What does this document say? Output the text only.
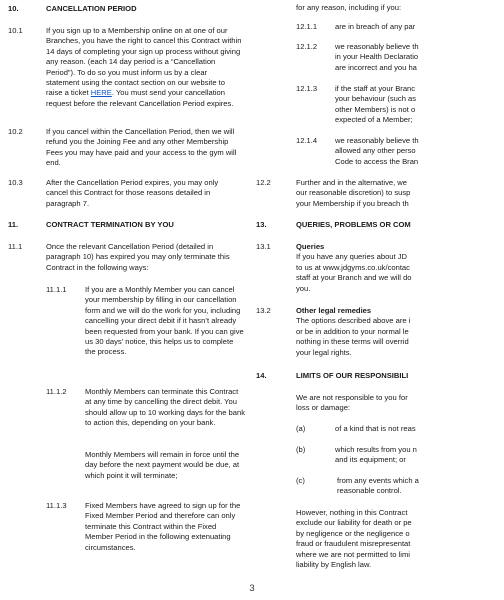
10.	CANCELLATION PERIOD
10.1	If you sign up to a Membership online on at one of our Branches, you have the right to cancel this Contract within 14 days of completing your sign up process without giving any reason. (each 14 day period is a “Cancellation Period”). To do so you must inform us by a clear statement using the contact section on our website to raise a ticket HERE. You must send your cancellation request before the relevant Cancellation Period expires.
10.2	If you cancel within the Cancellation Period, then we will refund you the Joining Fee and any other Membership Fees you may have paid and your access to the gym will end.
10.3	After the Cancellation Period expires, you may only cancel this Contract for those reasons detailed in paragraph 7.
11.	CONTRACT TERMINATION BY YOU
11.1	Once the relevant Cancellation Period (detailed in paragraph 10) has expired you may only terminate this Contract in the following ways:
11.1.1 If you are a Monthly Member you can cancel your membership by filling in our cancellation form and we will do the work for you, including cancelling your direct debit if it hasn’t already been requested from your bank. If you can give us 30 days’ notice, this helps us to complete the process.
11.1.2 Monthly Members can terminate this Contract at any time by cancelling the direct debit. You should allow up to 10 working days for the bank to action this, depending on your bank.
Monthly Members will remain in force until the day before the next payment would be due, at which point it will terminate;
11.1.3 Fixed Members have agreed to sign up for the Fixed Member Period and therefore can only terminate this Contract within the Fixed Member Period in the following extenuating circumstances.
for any reason, including if you:
12.1.1 are in breach of any par
12.1.2 we reasonably believe th
in your Health Declaratio
are incorrect and you ha
12.1.3 if the staff at your Branc
your behaviour (such as
other Members) is not o
expected of a Member;
12.1.4 we reasonably believe th
allowed any other perso
Code to access the Bran
12.2	Further and in the alternative, we
our reasonable discretion) to susp
your Membership if you breach th
13.	QUERIES, PROBLEMS OR COM
13.1	Queries
If you have any queries about JD
to us at www.jdgyms.co.uk/contac
staff at your Branch and we will do
you.
13.2	Other legal remedies
The options described above are i
or be in addition to your normal le
nothing in these terms will overrid
your legal rights.
14.	LIMITS OF OUR RESPONSIBILI
We are not responsible to you for
loss or damage:
(a)	of a kind that is not reas
(b)	which results from you n
and its equipment; or
(c)	from any events which a
reasonable control.
However, nothing in this Contract
exclude our liability for death or pe
by negligence or the negligence o
fraud or fraudulent misrepresentat
where we are not permitted to limi
liability by English law.
3
